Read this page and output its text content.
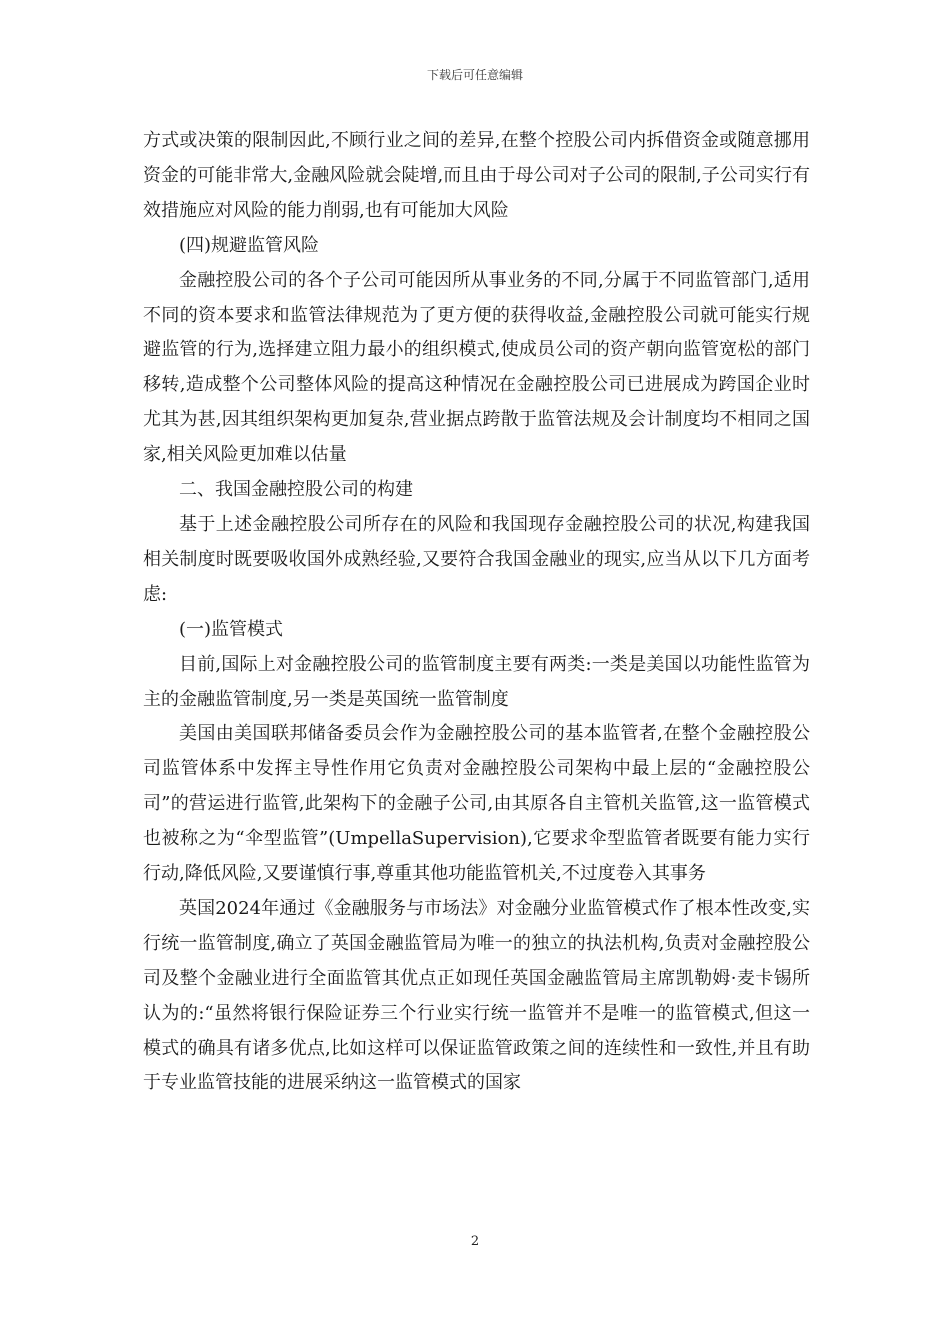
下载后可任意编辑

方式或决策的限制因此,不顾行业之间的差异,在整个控股公司内拆借资金或随意挪用资金的可能非常大,金融风险就会陡增,而且由于母公司对子公司的限制,子公司实行有效措施应对风险的能力削弱,也有可能加大风险

(四)规避监管风险

金融控股公司的各个子公司可能因所从事业务的不同,分属于不同监管部门,适用不同的资本要求和监管法律规范为了更方便的获得收益,金融控股公司就可能实行规避监管的行为,选择建立阻力最小的组织模式,使成员公司的资产朝向监管宽松的部门移转,造成整个公司整体风险的提高这种情况在金融控股公司已进展成为跨国企业时尤其为甚,因其组织架构更加复杂,营业据点跨散于监管法规及会计制度均不相同之国家,相关风险更加难以估量

二、我国金融控股公司的构建

基于上述金融控股公司所存在的风险和我国现存金融控股公司的状况,构建我国相关制度时既要吸收国外成熟经验,又要符合我国金融业的现实,应当从以下几方面考虑:

(一)监管模式

目前,国际上对金融控股公司的监管制度主要有两类:一类是美国以功能性监管为主的金融监管制度,另一类是英国统一监管制度

美国由美国联邦储备委员会作为金融控股公司的基本监管者,在整个金融控股公司监管体系中发挥主导性作用它负责对金融控股公司架构中最上层的“金融控股公司”的营运进行监管,此架构下的金融子公司,由其原各自主管机关监管,这一监管模式也被称之为“伞型监管”(UmpellaSupervision),它要求伞型监管者既要有能力实行行动,降低风险,又要谨慎行事,尊重其他功能监管机关,不过度卷入其事务

英国2024年通过《金融服务与市场法》对金融分业监管模式作了根本性改变,实行统一监管制度,确立了英国金融监管局为唯一的独立的执法机构,负责对金融控股公司及整个金融业进行全面监管其优点正如现任英国金融监管局主席凯勒姆·麦卡锡所认为的:“虽然将银行保险证券三个行业实行统一监管并不是唯一的监管模式,但这一模式的确具有诸多优点,比如这样可以保证监管政策之间的连续性和一致性,并且有助于专业监管技能的进展采纳这一监管模式的国家

2
